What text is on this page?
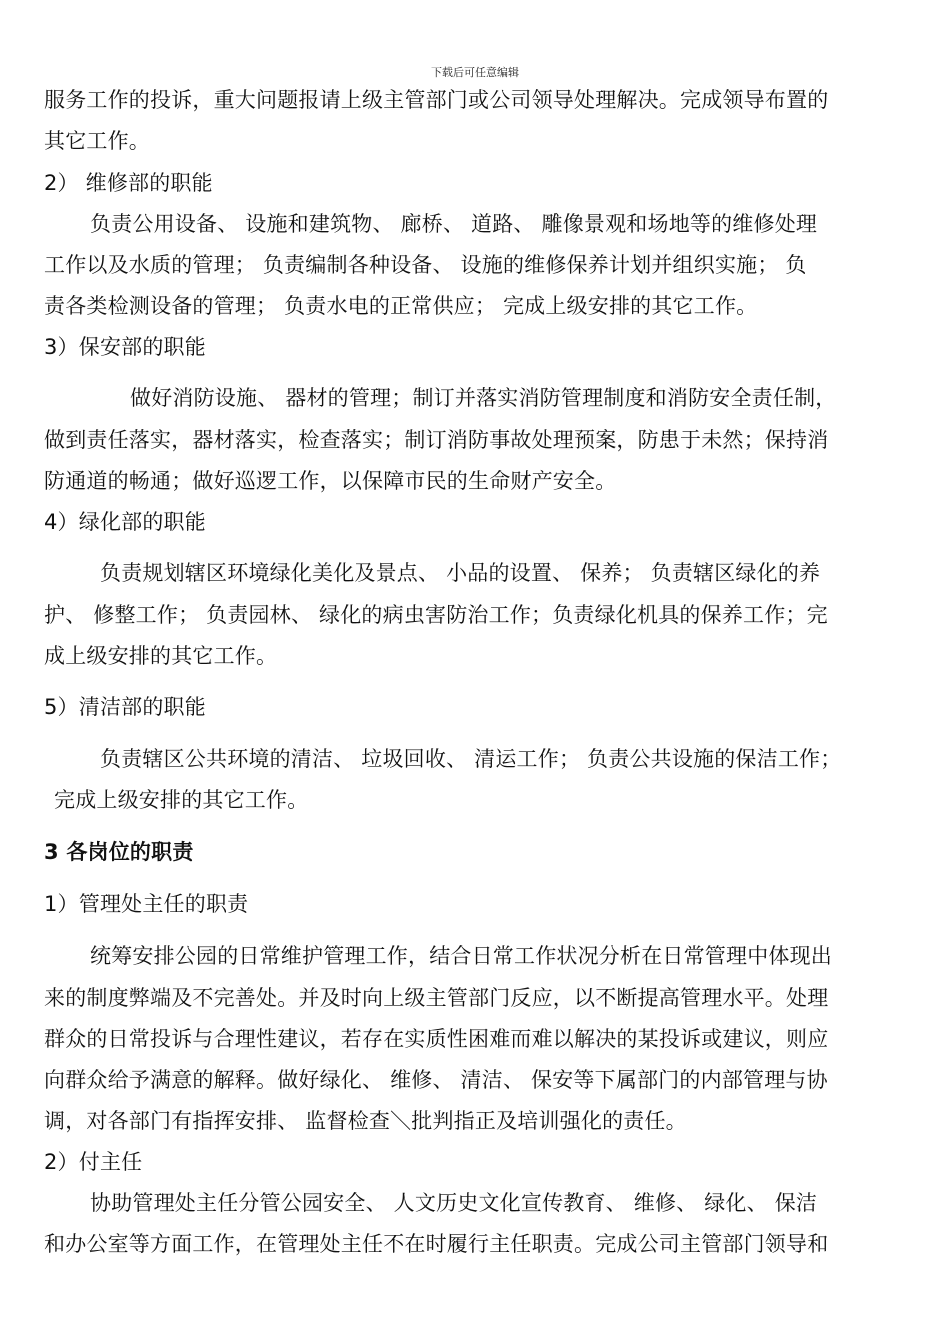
下载后可任意编辑
服务工作的投诉，重大问题报请上级主管部门或公司领导处理解决。完成领导布置的
其它工作。
2） 维修部的职能
负责公用设备、 设施和建筑物、 廊桥、 道路、 雕像景观和场地等的维修处理
工作以及水质的管理； 负责编制各种设备、 设施的维修保养计划并组织实施； 负
责各类检测设备的管理； 负责水电的正常供应； 完成上级安排的其它工作。
3）保安部的职能
做好消防设施、 器材的管理；制订并落实消防管理制度和消防安全责任制，
做到责任落实，器材落实，检查落实；制订消防事故处理预案，防患于未然；保持消
防通道的畅通；做好巡逻工作，以保障市民的生命财产安全。
4）绿化部的职能
负责规划辖区环境绿化美化及景点、 小品的设置、 保养； 负责辖区绿化的养
护、 修整工作； 负责园林、 绿化的病虫害防治工作；负责绿化机具的保养工作；完
成上级安排的其它工作。
5）清洁部的职能
负责辖区公共环境的清洁、 垃圾回收、 清运工作； 负责公共设施的保洁工作；
完成上级安排的其它工作。
3 各岗位的职责
1）管理处主任的职责
统筹安排公园的日常维护管理工作，结合日常工作状况分析在日常管理中体现出
来的制度弊端及不完善处。并及时向上级主管部门反应，以不断提高管理水平。处理
群众的日常投诉与合理性建议，若存在实质性困难而难以解决的某投诉或建议，则应
向群众给予满意的解释。做好绿化、 维修、 清洁、 保安等下属部门的内部管理与协
调，对各部门有指挥安排、 监督检查＼批判指正及培训强化的责任。
2）付主任
协助管理处主任分管公园安全、 人文历史文化宣传教育、 维修、 绿化、 保洁
和办公室等方面工作，在管理处主任不在时履行主任职责。完成公司主管部门领导和
